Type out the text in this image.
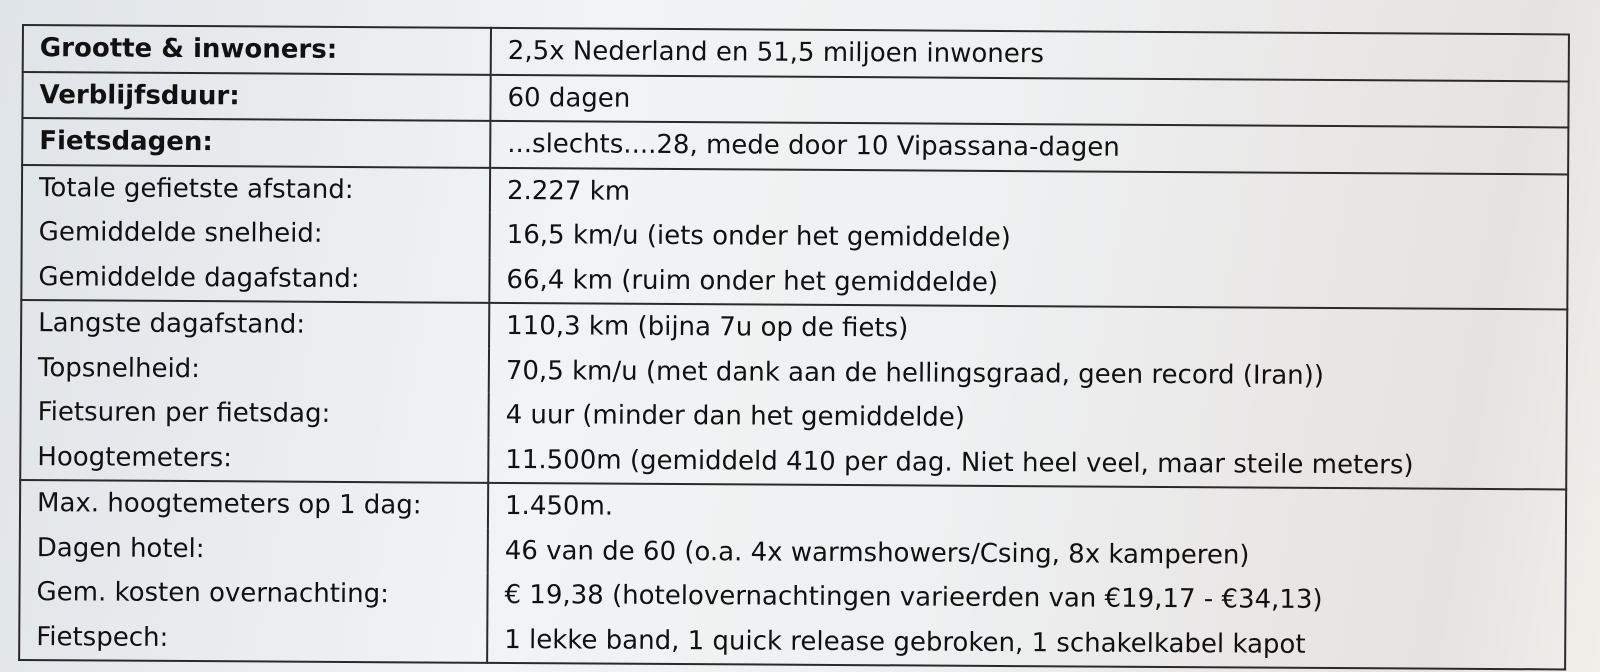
Grootte & inwoners:	2,5x Nederland en 51,5 miljoen inwoners
Verblijfsduur:	60 dagen
Fietsdagen:	...slechts....28, mede door 10 Vipassana-dagen
Totale gefietste afstand:	2.227 km
Gemiddelde snelheid:	16,5 km/u (iets onder het gemiddelde)
Gemiddelde dagafstand:	66,4 km (ruim onder het gemiddelde)
Langste dagafstand:	110,3 km (bijna 7u op de fiets)
Topsnelheid:	70,5 km/u (met dank aan de hellingsgraad, geen record (Iran))
Fietsuren per fietsdag:	4 uur (minder dan het gemiddelde)
Hoogtemeters:	11.500m (gemiddeld 410 per dag. Niet heel veel, maar steile meters)
Max. hoogtemeters op 1 dag:	1.450m.
Dagen hotel:	46 van de 60 (o.a. 4x warmshowers/Csing, 8x kamperen)
Gem. kosten overnachting:	€ 19,38 (hotelovernachtingen varieerden van €19,17 - €34,13)
Fietspech:	1 lekke band, 1 quick release gebroken, 1 schakelkabel kapot
